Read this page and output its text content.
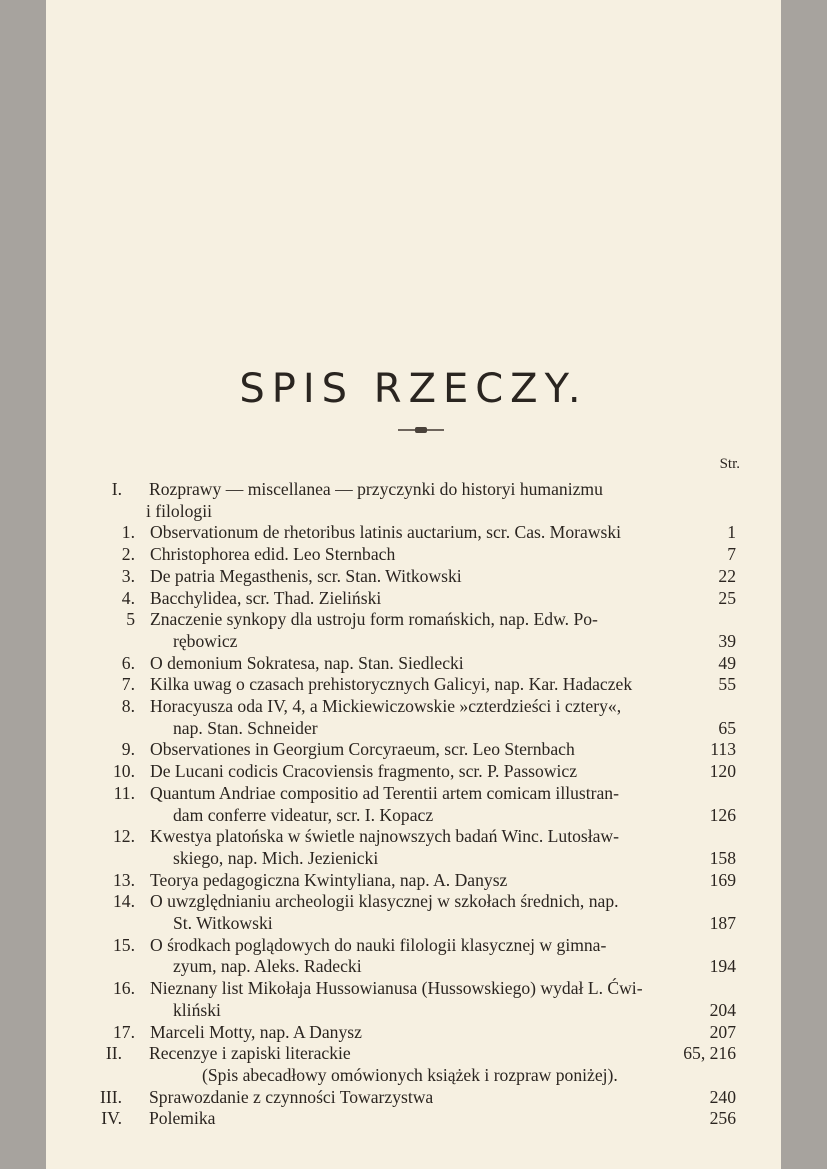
SPIS RZECZY.
Str.
I. Rozprawy — miscellanea — przyczynki do historyi humanizmu
i filologii
1. Observationum de rhetoribus latinis auctarium, scr. Cas. Morawski	1
2. Christophorea edid. Leo Sternbach	7
3. De patria Megasthenis, scr. Stan. Witkowski	22
4. Bacchylidea, scr. Thad. Zieliński	25
5 Znaczenie synkopy dla ustroju form romańskich, nap. Edw. Po-
rębowicz	39
6. O demonium Sokratesa, nap. Stan. Siedlecki	49
7. Kilka uwag o czasach prehistorycznych Galicyi, nap. Kar. Hadaczek	55
8. Horacyusza oda IV, 4, a Mickiewiczowskie »czterdzieści i cztery«,
nap. Stan. Schneider	65
9. Observationes in Georgium Corcyraeum, scr. Leo Sternbach	113
10. De Lucani codicis Cracoviensis fragmento, scr. P. Passowicz	120
11. Quantum Andriae compositio ad Terentii artem comicam illustran-
dam conferre videatur, scr. I. Kopacz	126
12. Kwestya platońska w świetle najnowszych badań Winc. Lutosław-
skiego, nap. Mich. Jezienicki	158
13. Teorya pedagogiczna Kwintyliana, nap. A. Danysz	169
14. O uwzględnianiu archeologii klasycznej w szkołach średnich, nap.
St. Witkowski	187
15. O środkach poglądowych do nauki filologii klasycznej w gimna-
zyum, nap. Aleks. Radecki	194
16. Nieznany list Mikołaja Hussowianusa (Hussowskiego) wydał L. Ćwi-
kliński	204
17. Marceli Motty, nap. A Danysz	207
II. Recenzye i zapiski literackie	65, 216
(Spis abecadłowy omówionych książek i rozpraw poniżej).
III. Sprawozdanie z czynności Towarzystwa	240
IV. Polemika	256
